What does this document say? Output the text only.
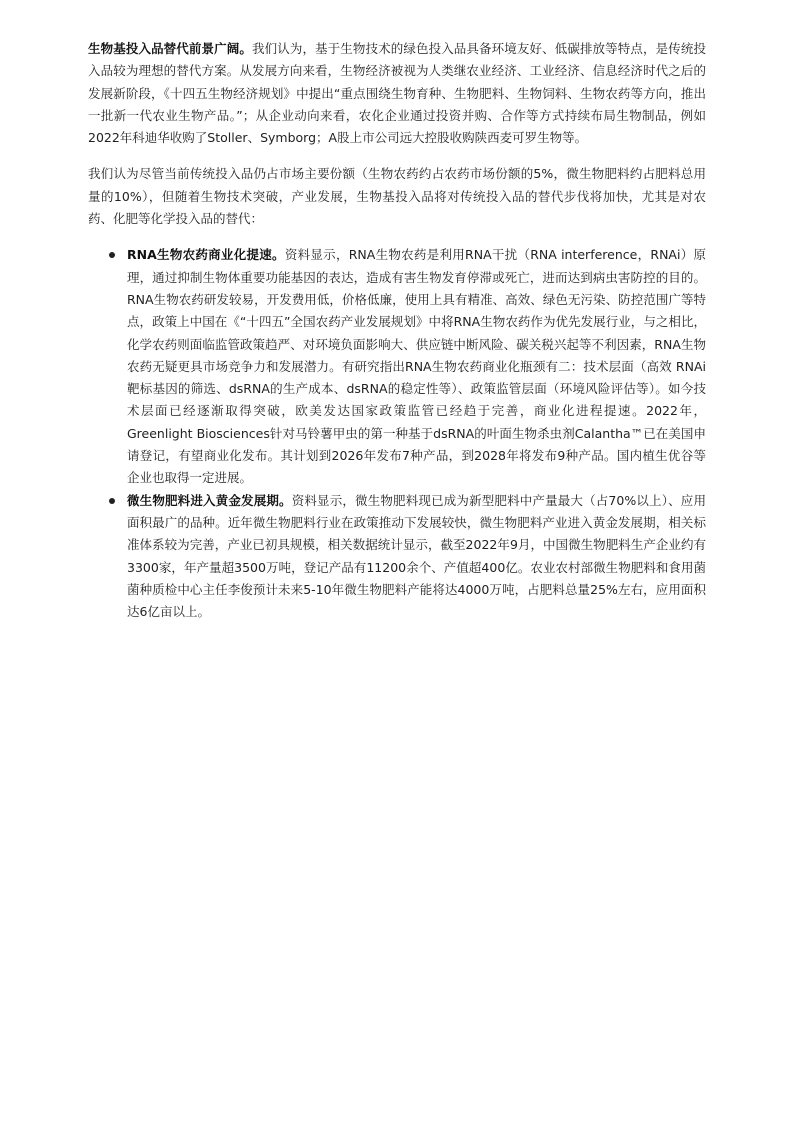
生物基投入品替代前景广阔。我们认为，基于生物技术的绿色投入品具备环境友好、低碳排放等特点，是传统投入品较为理想的替代方案。从发展方向来看，生物经济被视为人类继农业经济、工业经济、信息经济时代之后的发展新阶段，《十四五生物经济规划》中提出“重点围绕生物育种、生物肥料、生物饲料、生物农药等方向，推出一批新一代农业生物产品。”；从企业动向来看，农化企业通过投资并购、合作等方式持续布局生物制品，例如2022年科迪华收购了Stoller、Symborg；A股上市公司远大控股收购陕西麦可罗生物等。

我们认为尽管当前传统投入品仍占市场主要份额（生物农药约占农药市场份额的5%，微生物肥料约占肥料总用量的10%），但随着生物技术突破，产业发展，生物基投入品将对传统投入品的替代步伐将加快，尤其是对农药、化肥等化学投入品的替代：

RNA生物农药商业化提速。资料显示，RNA生物农药是利用RNA干扰（RNA interference，RNAi）原理，通过抑制生物体重要功能基因的表达，造成有害生物发育停滞或死亡，进而达到病虫害防控的目的。RNA生物农药研发较易，开发费用低，价格低廉，使用上具有精准、高效、绿色无污染、防控范围广等特点，政策上中国在《“十四五”全国农药产业发展规划》中将RNA生物农药作为优先发展行业，与之相比，化学农药则面临监管政策趋严、对环境负面影响大、供应链中断风险、碳关税兴起等不利因素，RNA生物农药无疑更具市场竞争力和发展潜力。有研究指出RNA生物农药商业化瓶颈有二：技术层面（高效 RNAi 靶标基因的筛选、dsRNA的生产成本、dsRNA的稳定性等）、政策监管层面（环境风险评估等）。如今技术层面已经逐渐取得突破，欧美发达国家政策监管已经趋于完善，商业化进程提速。2022年，Greenlight Biosciences针对马铃薯甲虫的第一种基于dsRNA的叶面生物杀虫剂Calantha™已在美国申请登记，有望商业化发布。其计划到2026年发布7种产品，到2028年将发布9种产品。国内植生优谷等企业也取得一定进展。
微生物肥料进入黄金发展期。资料显示，微生物肥料现已成为新型肥料中产量最大（占70%以上）、应用面积最广的品种。近年微生物肥料行业在政策推动下发展较快，微生物肥料产业进入黄金发展期，相关标准体系较为完善，产业已初具规模，相关数据统计显示，截至2022年9月，中国微生物肥料生产企业约有3300家，年产量超3500万吨，登记产品有11200余个、产值超400亿。农业农村部微生物肥料和食用菌菌种质检中心主任李俊预计未来5-10年微生物肥料产能将达4000万吨，占肥料总量25%左右，应用面积达6亿亩以上。
